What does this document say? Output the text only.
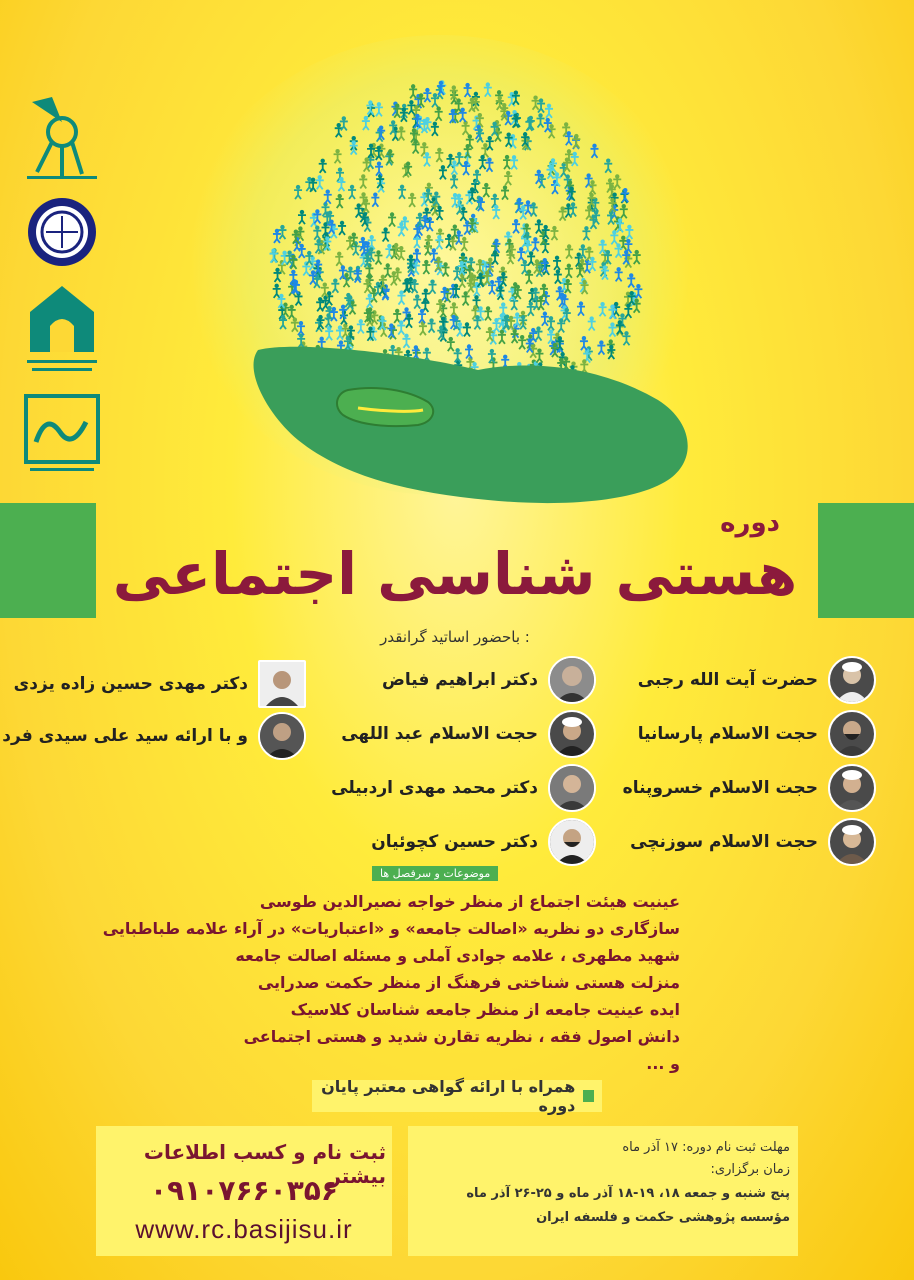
دوره
هستی شناسی اجتماعی
باحضور اساتید گرانقدر :
حضرت آیت الله رجبی
حجت الاسلام پارسانیا
حجت الاسلام خسروپناه
حجت الاسلام سوزنچی
دکتر ابراهیم فیاض
حجت الاسلام عبد اللهی
دکتر محمد مهدی اردبیلی
دکتر حسین کچوئیان
دکتر مهدی حسین زاده یزدی
و با ارائه سید علی سیدی فرد
موضوعات و سرفصل ها
عینیت هیئت اجتماع از منظر خواجه نصیرالدین طوسی
سازگاری دو نظریه «اصالت جامعه» و «اعتباریات» در آراء علامه طباطبایی
شهید مطهری ، علامه جوادی آملی و مسئله اصالت جامعه
منزلت هستی شناختی فرهنگ از منظر حکمت صدرایی
ایده عینیت جامعه از منظر جامعه شناسان کلاسیک
دانش اصول فقه ، نظریه تقارن شدید و هستی اجتماعی
و ...
همراه با ارائه گواهی معتبر پایان دوره
ثبت نام و کسب اطلاعات بیشتر
۰۹۱۰۷۶۶۰۳۵۶
www.rc.basijisu.ir
مهلت ثبت نام دوره: ۱۷ آذر ماه
زمان برگزاری:
پنج شنبه و جمعه ۱۸، ۱۹-۱۸ آذر ماه و ۲۵-۲۶ آذر ماه
مؤسسه پژوهشی حکمت و فلسفه ایران
